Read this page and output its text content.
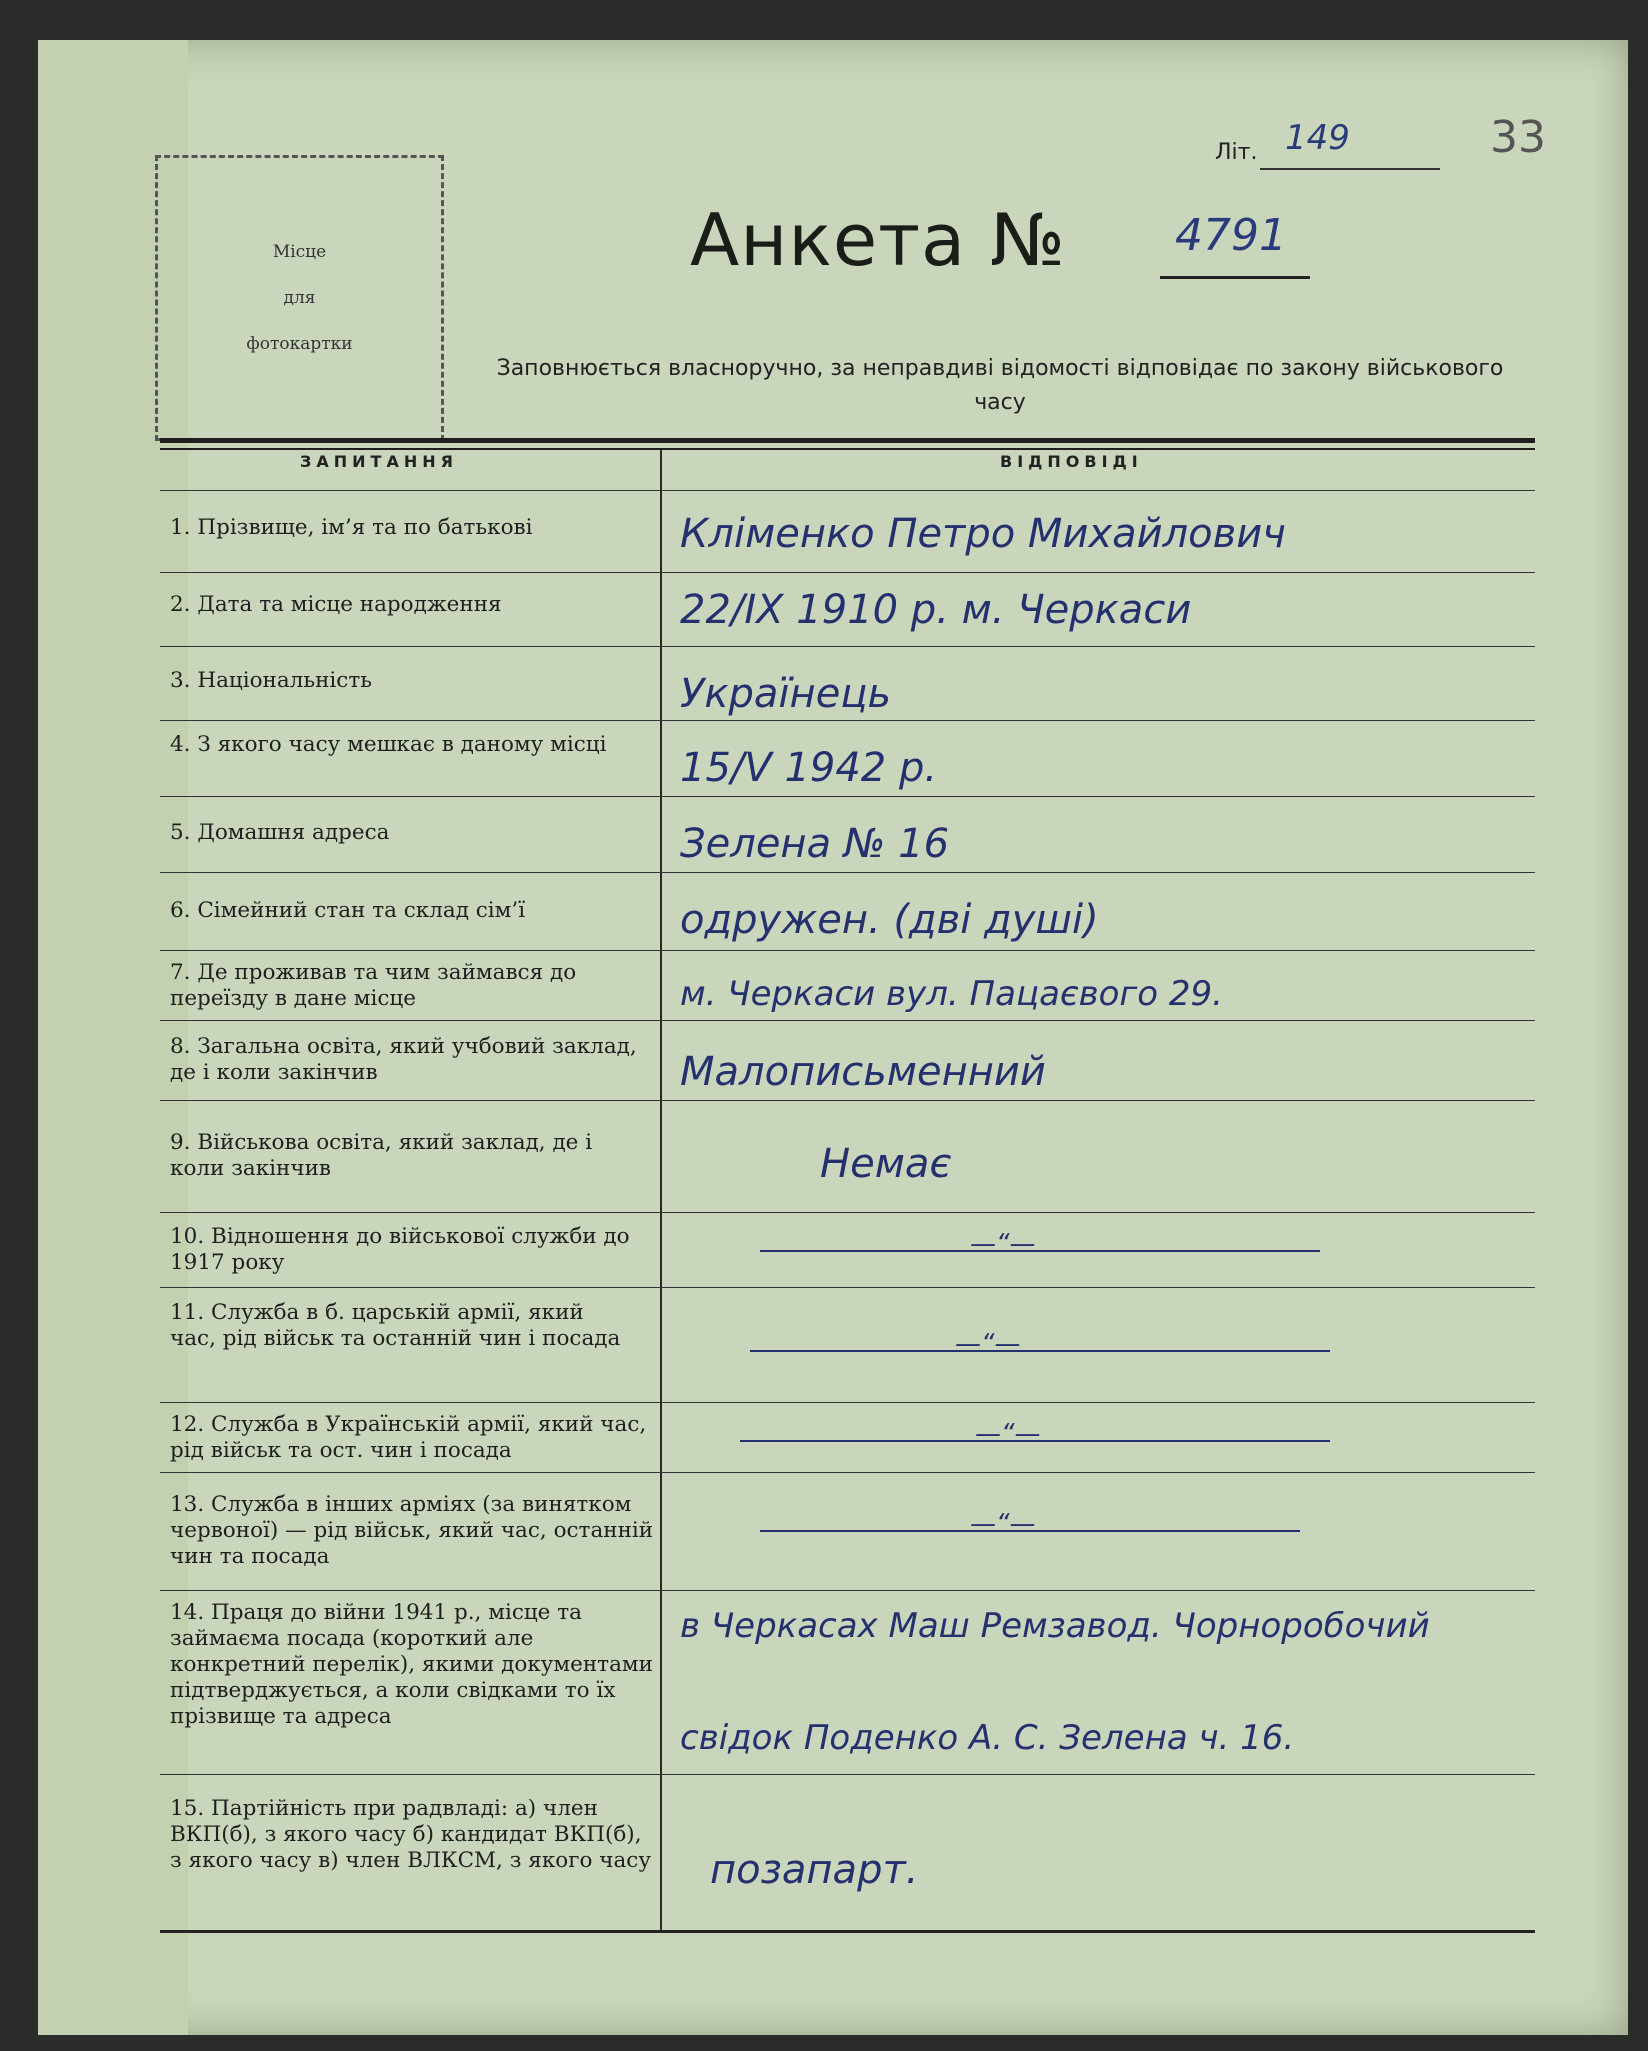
Літ. 149	33
Місце
для
фотокартки
Анкета № 4791
Заповнюється власноручно, за неправдиві відомості відповідає по закону військового часу
ЗАПИТАННЯ	ВІДПОВІДІ
1. Прізвище, ім’я та по батькові
2. Дата та місце народження
3. Національність
4. З якого часу мешкає в даному місці
5. Домашня адреса
6. Сімейний стан та склад сім’ї
7. Де проживав та чим займався до переїзду в дане місце
8. Загальна освіта, який учбовий заклад, де і коли закінчив
9. Військова освіта, який заклад, де і коли закінчив
10. Відношення до військової служби до 1917 року
11. Служба в б. царській армії, який час, рід військ та останній чин і посада
12. Служба в Українській армії, який час, рід військ та ост. чин і посада
13. Служба в інших арміях (за винятком червоної) — рід військ, який час, останній чин та посада
14. Праця до війни 1941 р., місце та займаєма посада (короткий але конкретний перелік), якими документами підтверджується, а коли свідками то їх прізвище та адреса
15. Партійність при радвладі: а) член ВКП(б), з якого часу б) кандидат ВКП(б), з якого часу в) член ВЛКСМ, з якого часу
Кліменко Петро Михайлович
22/IX 1910 р. м. Черкаси
Українець
15/V 1942 р.
Зелена № 16
одружен. (дві душі)
м. Черкаси вул. Пацаєвого 29.
Малописьменний
Немає
—“—
—“—
—“—
—“—
в Черкасах Маш Ремзавод. Чорноробочий
свідок Поденко А. С. Зелена ч. 16.
позапарт.
